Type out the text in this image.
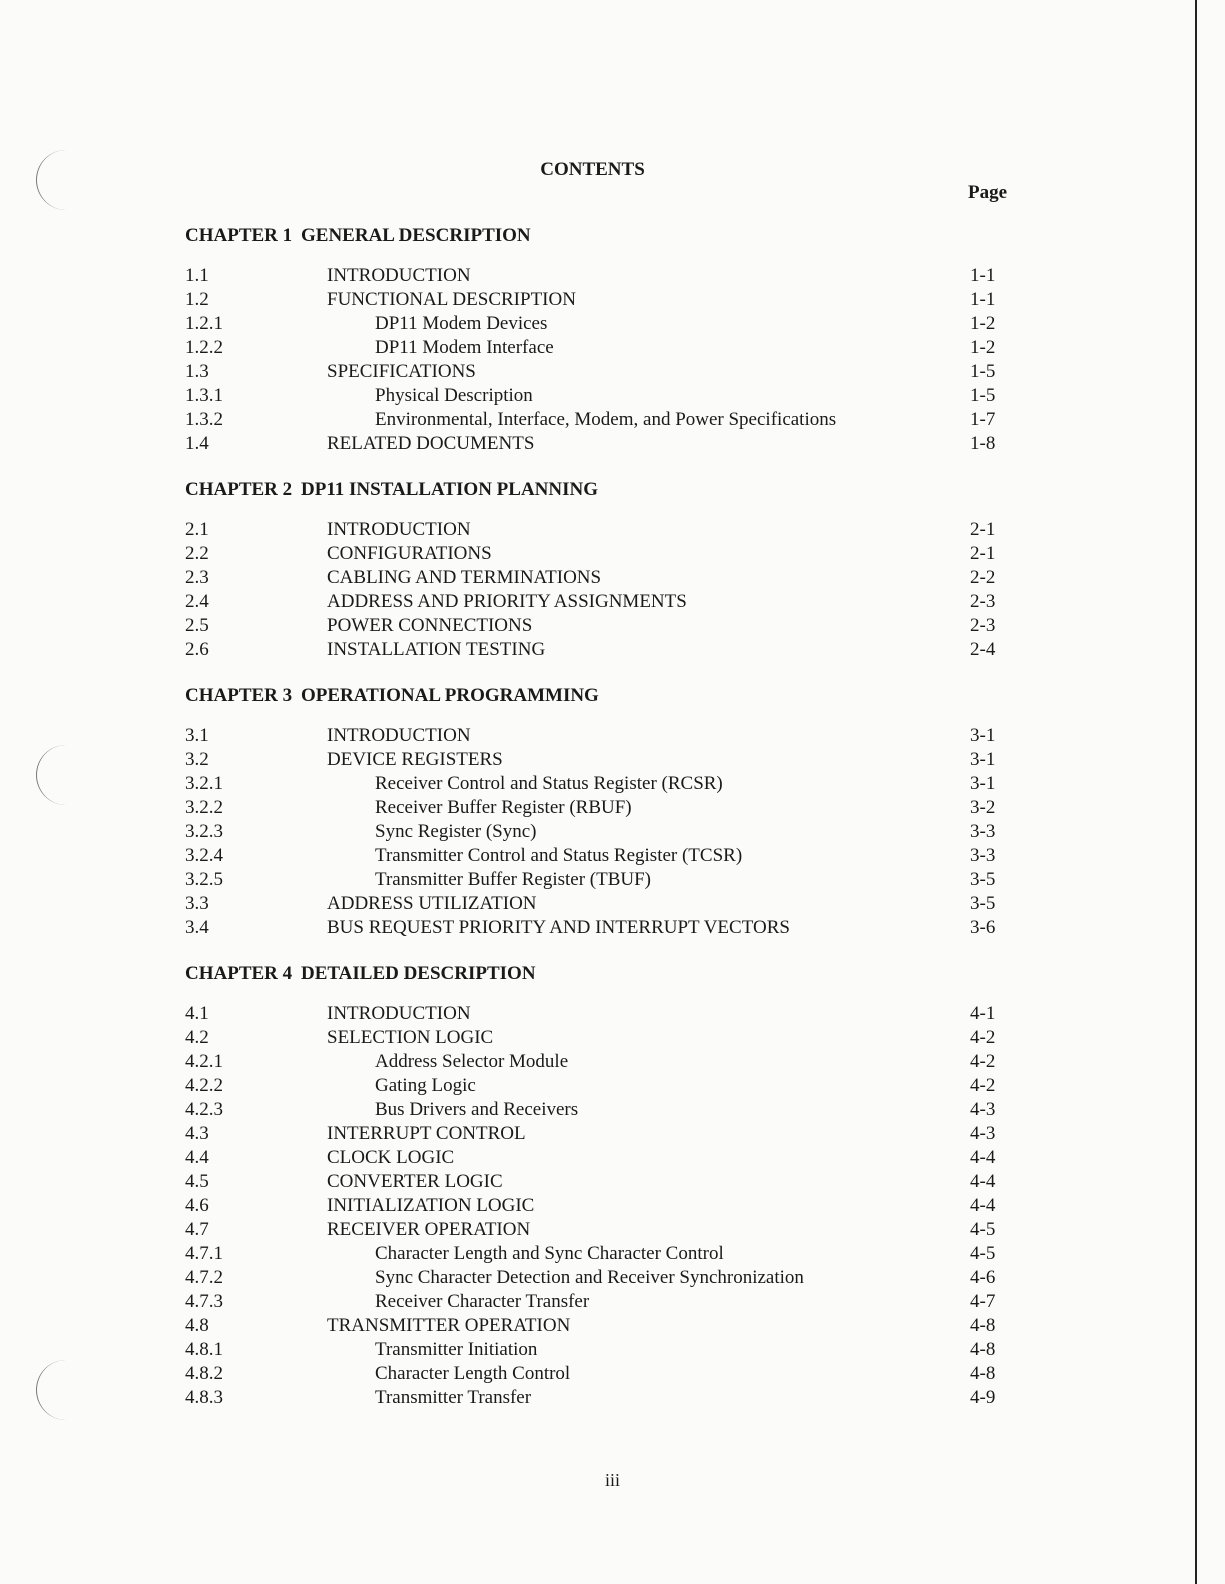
CONTENTS
Page
CHAPTER 1 GENERAL DESCRIPTION
1.1	INTRODUCTION	1-1
1.2	FUNCTIONAL DESCRIPTION	1-1
1.2.1	DP11 Modem Devices	1-2
1.2.2	DP11 Modem Interface	1-2
1.3	SPECIFICATIONS	1-5
1.3.1	Physical Description	1-5
1.3.2	Environmental, Interface, Modem, and Power Specifications	1-7
1.4	RELATED DOCUMENTS	1-8
CHAPTER 2 DP11 INSTALLATION PLANNING
2.1	INTRODUCTION	2-1
2.2	CONFIGURATIONS	2-1
2.3	CABLING AND TERMINATIONS	2-2
2.4	ADDRESS AND PRIORITY ASSIGNMENTS	2-3
2.5	POWER CONNECTIONS	2-3
2.6	INSTALLATION TESTING	2-4
CHAPTER 3 OPERATIONAL PROGRAMMING
3.1	INTRODUCTION	3-1
3.2	DEVICE REGISTERS	3-1
3.2.1	Receiver Control and Status Register (RCSR)	3-1
3.2.2	Receiver Buffer Register (RBUF)	3-2
3.2.3	Sync Register (Sync)	3-3
3.2.4	Transmitter Control and Status Register (TCSR)	3-3
3.2.5	Transmitter Buffer Register (TBUF)	3-5
3.3	ADDRESS UTILIZATION	3-5
3.4	BUS REQUEST PRIORITY AND INTERRUPT VECTORS	3-6
CHAPTER 4 DETAILED DESCRIPTION
4.1	INTRODUCTION	4-1
4.2	SELECTION LOGIC	4-2
4.2.1	Address Selector Module	4-2
4.2.2	Gating Logic	4-2
4.2.3	Bus Drivers and Receivers	4-3
4.3	INTERRUPT CONTROL	4-3
4.4	CLOCK LOGIC	4-4
4.5	CONVERTER LOGIC	4-4
4.6	INITIALIZATION LOGIC	4-4
4.7	RECEIVER OPERATION	4-5
4.7.1	Character Length and Sync Character Control	4-5
4.7.2	Sync Character Detection and Receiver Synchronization	4-6
4.7.3	Receiver Character Transfer	4-7
4.8	TRANSMITTER OPERATION	4-8
4.8.1	Transmitter Initiation	4-8
4.8.2	Character Length Control	4-8
4.8.3	Transmitter Transfer	4-9
iii
